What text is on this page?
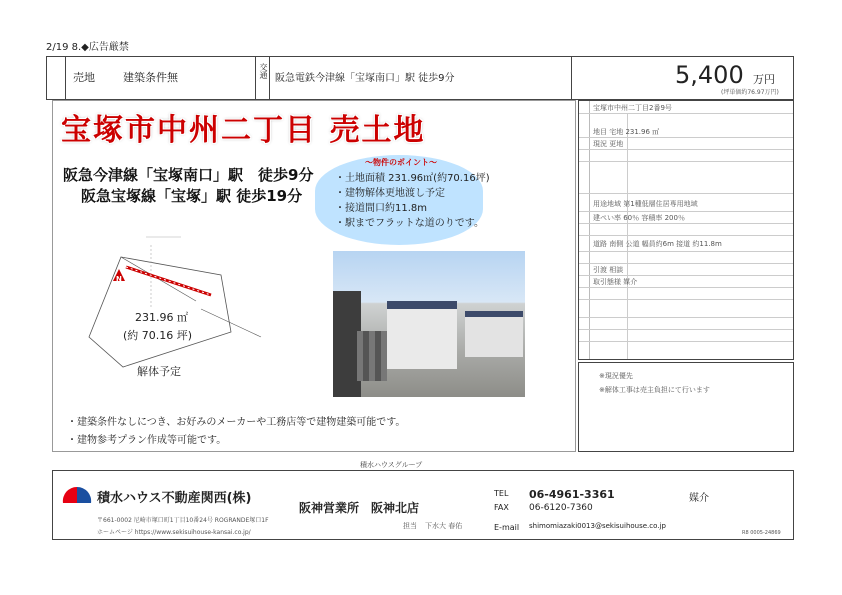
2/19 8.◆広告厳禁
売地	建築条件無	交通 阪急電鉄今津線「宝塚南口」駅 徒歩9分	5,400 万円
(坪単価約76.97万円)
宝塚市中州二丁目 売土地
阪急今津線「宝塚南口」駅　徒歩9分
阪急宝塚線「宝塚」駅 徒歩19分
～物件のポイント～
・土地面積 231.96㎡(約70.16坪)
・建物解体更地渡し予定
・接道間口約11.8m
・駅までフラットな道のりです。
N
231.96 ㎡
(約 70.16 坪)
解体予定
・建築条件なしにつき、お好みのメーカーや工務店等で建物建築可能です。
・建物参考プラン作成等可能です。
宝塚市中州二丁目2番9号
地目 宅地 231.96 ㎡
現況 更地
用途地域 第1種低層住居専用地域
建ぺい率 60％ 容積率 200％
道路 南側 公道 幅員約6m 接道 約11.8m
引渡 相談
取引態様 媒介
※現況優先
※解体工事は売主負担にて行います
積水ハウスグループ
積水ハウス不動産関西(株)
阪神営業所　阪神北店
〒661-0002 尼崎市塚口町1丁目10番24号 ROGRANDE塚口1F
ホームページ https://www.sekisuihouse-kansai.co.jp/
担当 下水大 春佑
TEL 06-4961-3361
FAX 06-6120-7360
E-mail shimomiazaki0013@sekisuihouse.co.jp
媒介
R8 0005-24869
